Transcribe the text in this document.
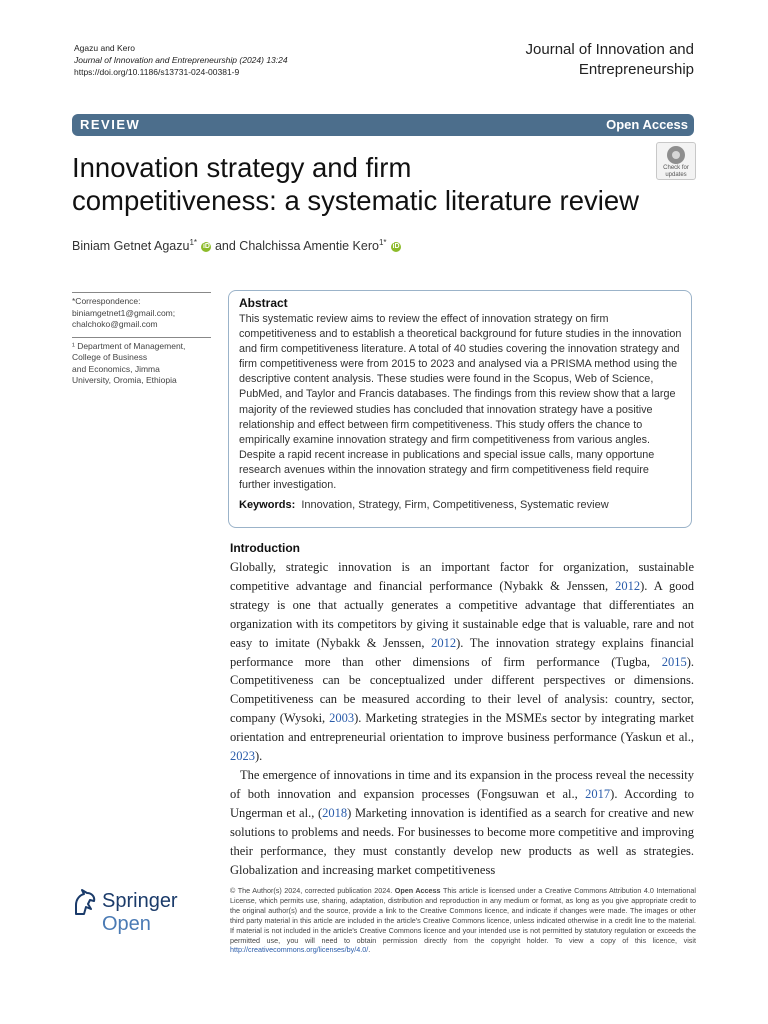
Agazu and Kero
Journal of Innovation and Entrepreneurship (2024) 13:24
https://doi.org/10.1186/s13731-024-00381-9
Journal of Innovation and
Entrepreneurship
REVIEW	Open Access
Innovation strategy and firm
competitiveness: a systematic literature review
Check for
updates
Biniam Getnet Agazu$^{1*}$ iD and Chalchissa Amentie Kero$^{1*}$ iD
*Correspondence:
biniamgetnet1@gmail.com;
chalchoko@gmail.com
¹ Department of Management,
College of Business
and Economics, Jimma
University, Oromia, Ethiopia
Abstract

This systematic review aims to review the effect of innovation strategy on firm competitiveness and to establish a theoretical background for future studies in the innovation and firm competitiveness literature. A total of 40 studies covering the innovation strategy and firm competitiveness were from 2015 to 2023 and analysed via a PRISMA method using the descriptive content analysis. These studies were found in the Scopus, Web of Science, PubMed, and Taylor and Francis databases. The findings from this review show that a large majority of the reviewed studies has concluded that innovation strategy have a positive relationship and effect between firm competitiveness. This study offers the chance to empirically examine innovation strategy and firm competitiveness from various angles. Despite a rapid recent increase in publications and special issue calls, many opportune research avenues within the innovation strategy and firm competitiveness field require further investigation.

Keywords: Innovation, Strategy, Firm, Competitiveness, Systematic review
Introduction

Globally, strategic innovation is an important factor for organization, sustainable competitive advantage and financial performance (Nybakk & Jenssen, 2012). A good strategy is one that actually generates a competitive advantage that differentiates an organization with its competitors by giving it sustainable edge that is valuable, rare and not easy to imitate (Nybakk & Jenssen, 2012). The innovation strategy explains financial performance more than other dimensions of firm performance (Tugba, 2015). Competitiveness can be conceptualized under different perspectives or dimensions. Competitiveness can be measured according to their level of analysis: country, sector, company (Wysoki, 2003). Marketing strategies in the MSMEs sector by integrating market orientation and entrepreneurial orientation to improve business performance (Yaskun et al., 2023).

The emergence of innovations in time and its expansion in the process reveal the necessity of both innovation and expansion processes (Fongsuwan et al., 2017). According to Ungerman et al., (2018) Marketing innovation is identified as a search for creative and new solutions to problems and needs. For businesses to become more competitive and improving their performance, they must constantly develop new products as well as strategies. Globalization and increasing market competitiveness

Springer Open
© The Author(s) 2024, corrected publication 2024. Open Access This article is licensed under a Creative Commons Attribution 4.0 International License, which permits use, sharing, adaptation, distribution and reproduction in any medium or format, as long as you give appropriate credit to the original author(s) and the source, provide a link to the Creative Commons licence, and indicate if changes were made. The images or other third party material in this article are included in the article's Creative Commons licence, unless indicated otherwise in a credit line to the material. If material is not included in the article's Creative Commons licence and your intended use is not permitted by statutory regulation or exceeds the permitted use, you will need to obtain permission directly from the copyright holder. To view a copy of this licence, visit http://creativecommons.org/licenses/by/4.0/.
